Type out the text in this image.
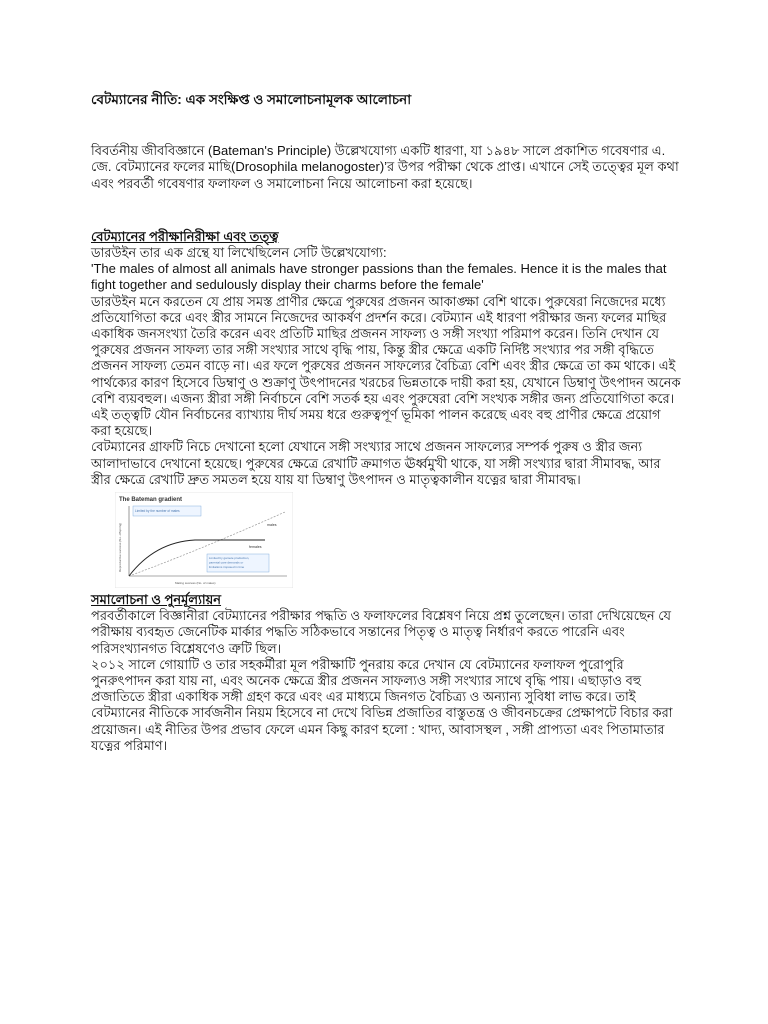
বেটম্যানের নীতি: এক সংক্ষিপ্ত ও সমালোচনামূলক আলোচনা

বিবর্তনীয় জীববিজ্ঞানে (Bateman's Principle) উল্লেখযোগ্য একটি ধারণা, যা ১৯৪৮ সালে প্রকাশিত গবেষণার এ. জে. বেটম্যানের ফলের মাছি(Drosophila melanogoster)’র উপর পরীক্ষা থেকে প্রাপ্ত। এখানে সেই তত্ত্বের মূল কথা এবং পরবর্তী গবেষণার ফলাফল ও সমালোচনা নিয়ে আলোচনা করা হয়েছে।

বেটম্যানের পরীক্ষানিরীক্ষা এবং তত্ত্ব

ডারউইন তার এক গ্রন্থে যা লিখেছিলেন সেটি উল্লেখযোগ্য:

'The males of almost all animals have stronger passions than the females. Hence it is the males that fight together and sedulously display their charms before the female'

ডারউইন মনে করতেন যে প্রায় সমস্ত প্রাণীর ক্ষেত্রে পুরুষের প্রজনন আকাঙ্ক্ষা বেশি থাকে। পুরুষেরা নিজেদের মধ্যে প্রতিযোগিতা করে এবং স্ত্রীর সামনে নিজেদের আকর্ষণ প্রদর্শন করে। বেটম্যান এই ধারণা পরীক্ষার জন্য ফলের মাছির একাধিক জনসংখ্যা তৈরি করেন এবং প্রতিটি মাছির প্রজনন সাফল্য ও সঙ্গী সংখ্যা পরিমাপ করেন। তিনি দেখান যে পুরুষের প্রজনন সাফল্য তার সঙ্গী সংখ্যার সাথে বৃদ্ধি পায়, কিন্তু স্ত্রীর ক্ষেত্রে একটি নির্দিষ্ট সংখ্যার পর সঙ্গী বৃদ্ধিতে প্রজনন সাফল্য তেমন বাড়ে না। এর ফলে পুরুষের প্রজনন সাফল্যের বৈচিত্র্য বেশি এবং স্ত্রীর ক্ষেত্রে তা কম থাকে। এই পার্থক্যের কারণ হিসেবে ডিম্বাণু ও শুক্রাণু উৎপাদনের খরচের ভিন্নতাকে দায়ী করা হয়, যেখানে ডিম্বাণু উৎপাদন অনেক বেশি ব্যয়বহুল। এজন্য স্ত্রীরা সঙ্গী নির্বাচনে বেশি সতর্ক হয় এবং পুরুষেরা বেশি সংখ্যক সঙ্গীর জন্য প্রতিযোগিতা করে। এই তত্ত্বটি যৌন নির্বাচনের ব্যাখ্যায় দীর্ঘ সময় ধরে গুরুত্বপূর্ণ ভূমিকা পালন করেছে এবং বহু প্রাণীর ক্ষেত্রে প্রয়োগ করা হয়েছে।

বেটম্যানের গ্রাফটি নিচে দেখানো হলো যেখানে সঙ্গী সংখ্যার সাথে প্রজনন সাফল্যের সম্পর্ক পুরুষ ও স্ত্রীর জন্য আলাদাভাবে দেখানো হয়েছে। পুরুষের ক্ষেত্রে রেখাটি ক্রমাগত ঊর্ধ্বমুখী থাকে, যা সঙ্গী সংখ্যার দ্বারা সীমাবদ্ধ, আর স্ত্রীর ক্ষেত্রে রেখাটি দ্রুত সমতল হয়ে যায় যা ডিম্বাণু উৎপাদন ও মাতৃত্বকালীন যত্নের দ্বারা সীমাবদ্ধ।

The Bateman gradient
Reproductive success (No. offspring)
Mating success (No. of mates)
males
females
Limited by the number of mates
Limited by gamete production,
parental care demands or
limitations imposed in time

সমালোচনা ও পুনর্মূল্যায়ন

পরবর্তীকালে বিজ্ঞানীরা বেটম্যানের পরীক্ষার পদ্ধতি ও ফলাফলের বিশ্লেষণ নিয়ে প্রশ্ন তুলেছেন। তারা দেখিয়েছেন যে পরীক্ষায় ব্যবহৃত জেনেটিক মার্কার পদ্ধতি সঠিকভাবে সন্তানের পিতৃত্ব ও মাতৃত্ব নির্ধারণ করতে পারেনি এবং পরিসংখ্যানগত বিশ্লেষণেও ত্রুটি ছিল।

২০১২ সালে গোয়াটি ও তার সহকর্মীরা মূল পরীক্ষাটি পুনরায় করে দেখান যে বেটম্যানের ফলাফল পুরোপুরি পুনরুৎপাদন করা যায় না, এবং অনেক ক্ষেত্রে স্ত্রীর প্রজনন সাফল্যও সঙ্গী সংখ্যার সাথে বৃদ্ধি পায়। এছাড়াও বহু প্রজাতিতে স্ত্রীরা একাধিক সঙ্গী গ্রহণ করে এবং এর মাধ্যমে জিনগত বৈচিত্র্য ও অন্যান্য সুবিধা লাভ করে। তাই বেটম্যানের নীতিকে সার্বজনীন নিয়ম হিসেবে না দেখে বিভিন্ন প্রজাতির বাস্তুতন্ত্র ও জীবনচক্রের প্রেক্ষাপটে বিচার করা প্রয়োজন। এই নীতির উপর প্রভাব ফেলে এমন কিছু কারণ হলো : খাদ্য, আবাসস্থল , সঙ্গী প্রাপ্যতা এবং পিতামাতার যত্নের পরিমাণ।
